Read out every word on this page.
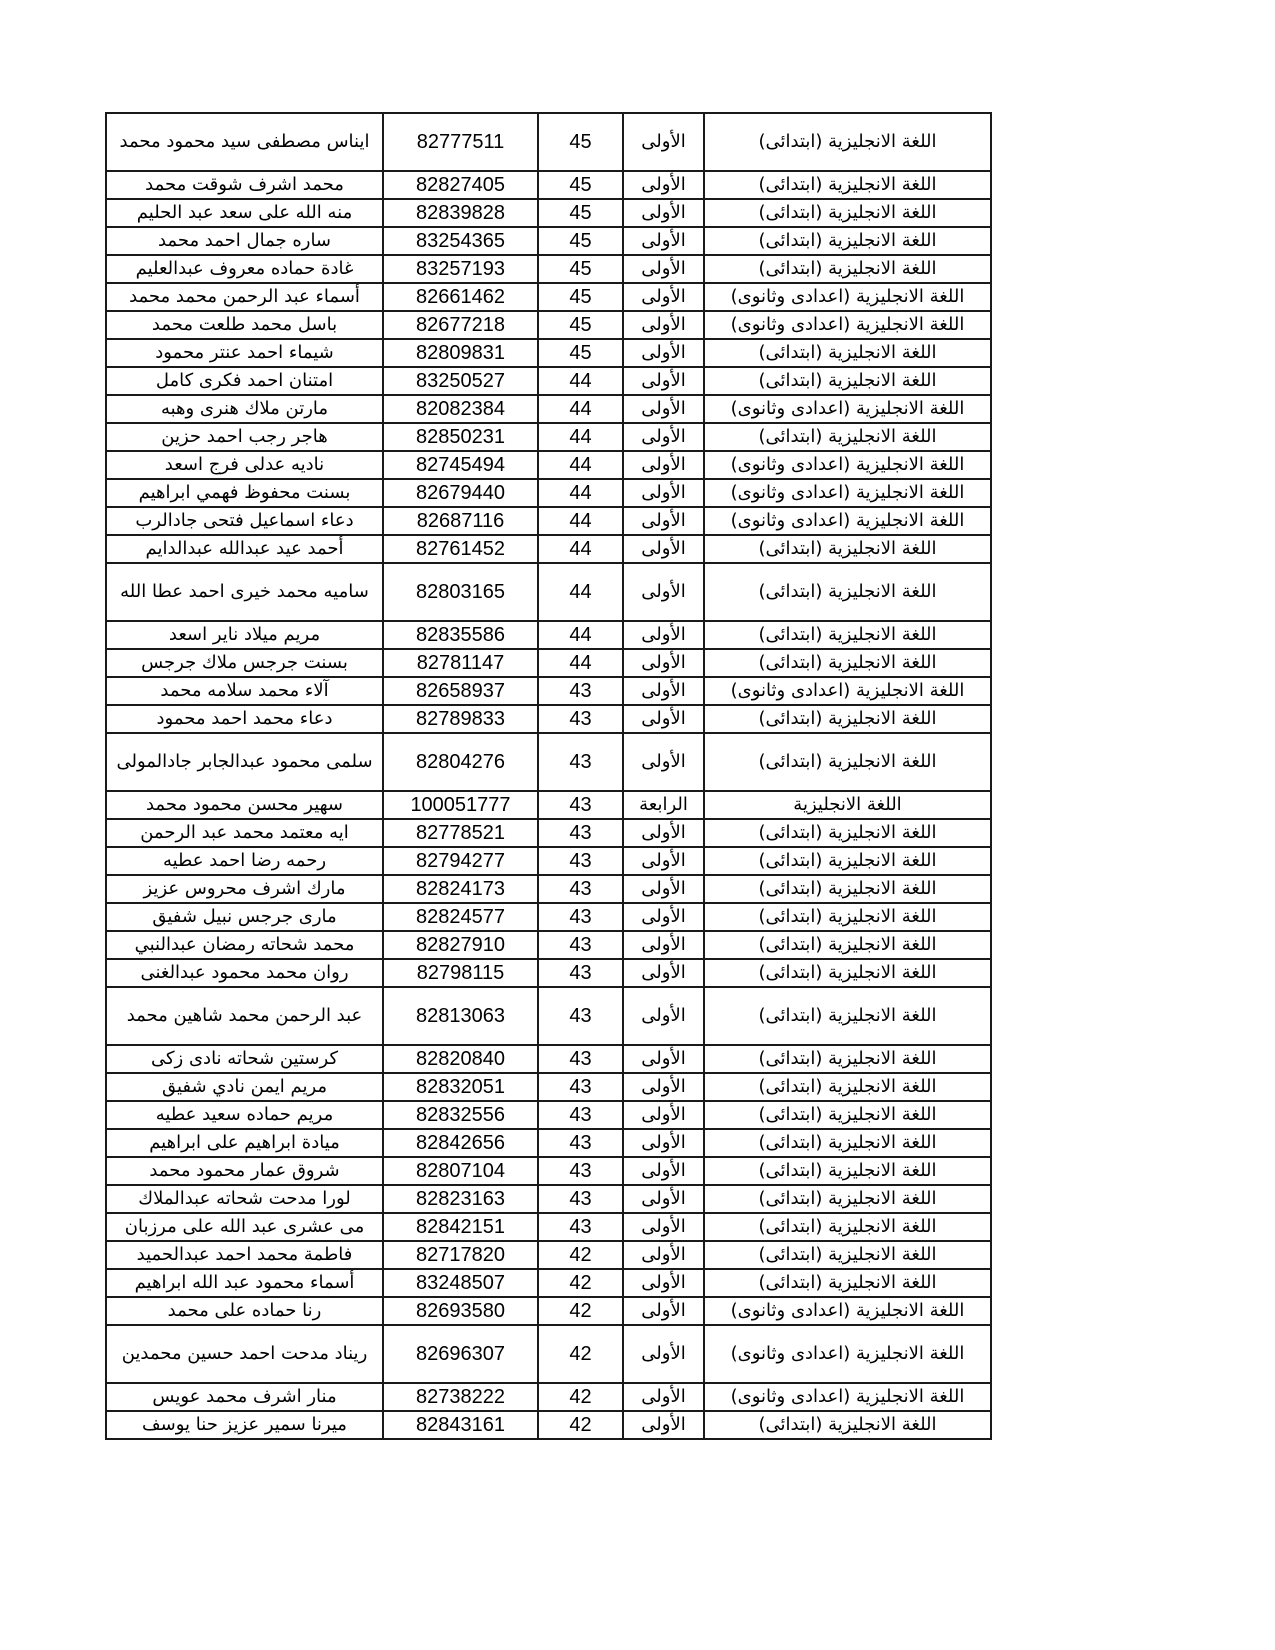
ايناس مصطفى سيد محمود محمد	82777511	45	الأولى	اللغة الانجليزية (ابتدائى)
محمد اشرف شوقت محمد	82827405	45	الأولى	اللغة الانجليزية (ابتدائى)
منه الله على سعد عبد الحليم	82839828	45	الأولى	اللغة الانجليزية (ابتدائى)
ساره جمال احمد محمد	83254365	45	الأولى	اللغة الانجليزية (ابتدائى)
غادة حماده معروف عبدالعليم	83257193	45	الأولى	اللغة الانجليزية (ابتدائى)
أسماء عبد الرحمن محمد محمد	82661462	45	الأولى	اللغة الانجليزية (اعدادى وثانوى)
باسل محمد طلعت محمد	82677218	45	الأولى	اللغة الانجليزية (اعدادى وثانوى)
شيماء احمد عنتر محمود	82809831	45	الأولى	اللغة الانجليزية (ابتدائى)
امتنان احمد فكرى كامل	83250527	44	الأولى	اللغة الانجليزية (ابتدائى)
مارتن ملاك هنرى وهبه	82082384	44	الأولى	اللغة الانجليزية (اعدادى وثانوى)
هاجر رجب احمد حزين	82850231	44	الأولى	اللغة الانجليزية (ابتدائى)
ناديه عدلى فرج اسعد	82745494	44	الأولى	اللغة الانجليزية (اعدادى وثانوى)
بسنت محفوظ فهمي ابراهيم	82679440	44	الأولى	اللغة الانجليزية (اعدادى وثانوى)
دعاء اسماعيل فتحى جادالرب	82687116	44	الأولى	اللغة الانجليزية (اعدادى وثانوى)
أحمد عيد عبدالله عبدالدايم	82761452	44	الأولى	اللغة الانجليزية (ابتدائى)
ساميه محمد خيرى احمد عطا الله	82803165	44	الأولى	اللغة الانجليزية (ابتدائى)
مريم ميلاد ناير اسعد	82835586	44	الأولى	اللغة الانجليزية (ابتدائى)
بسنت جرجس ملاك جرجس	82781147	44	الأولى	اللغة الانجليزية (ابتدائى)
آلاء محمد سلامه محمد	82658937	43	الأولى	اللغة الانجليزية (اعدادى وثانوى)
دعاء محمد احمد محمود	82789833	43	الأولى	اللغة الانجليزية (ابتدائى)
سلمى محمود عبدالجابر جادالمولى	82804276	43	الأولى	اللغة الانجليزية (ابتدائى)
سهير محسن محمود محمد	100051777	43	الرابعة	اللغة الانجليزية
ايه معتمد محمد عبد الرحمن	82778521	43	الأولى	اللغة الانجليزية (ابتدائى)
رحمه رضا احمد عطيه	82794277	43	الأولى	اللغة الانجليزية (ابتدائى)
مارك اشرف محروس عزيز	82824173	43	الأولى	اللغة الانجليزية (ابتدائى)
مارى جرجس نبيل شفيق	82824577	43	الأولى	اللغة الانجليزية (ابتدائى)
محمد شحاته رمضان عبدالنبي	82827910	43	الأولى	اللغة الانجليزية (ابتدائى)
روان محمد محمود عبدالغنى	82798115	43	الأولى	اللغة الانجليزية (ابتدائى)
عبد الرحمن محمد شاهين محمد	82813063	43	الأولى	اللغة الانجليزية (ابتدائى)
كرستين شحاته نادى زكى	82820840	43	الأولى	اللغة الانجليزية (ابتدائى)
مريم ايمن نادي شفيق	82832051	43	الأولى	اللغة الانجليزية (ابتدائى)
مريم حماده سعيد عطيه	82832556	43	الأولى	اللغة الانجليزية (ابتدائى)
ميادة ابراهيم على ابراهيم	82842656	43	الأولى	اللغة الانجليزية (ابتدائى)
شروق عمار محمود محمد	82807104	43	الأولى	اللغة الانجليزية (ابتدائى)
لورا مدحت شحاته عبدالملاك	82823163	43	الأولى	اللغة الانجليزية (ابتدائى)
مى عشرى عبد الله على مرزبان	82842151	43	الأولى	اللغة الانجليزية (ابتدائى)
فاطمة محمد احمد عبدالحميد	82717820	42	الأولى	اللغة الانجليزية (ابتدائى)
أسماء محمود عبد الله ابراهيم	83248507	42	الأولى	اللغة الانجليزية (ابتدائى)
رنا حماده على محمد	82693580	42	الأولى	اللغة الانجليزية (اعدادى وثانوى)
ريناد مدحت احمد حسين محمدين	82696307	42	الأولى	اللغة الانجليزية (اعدادى وثانوى)
منار اشرف محمد عويس	82738222	42	الأولى	اللغة الانجليزية (اعدادى وثانوى)
ميرنا سمير عزيز حنا يوسف	82843161	42	الأولى	اللغة الانجليزية (ابتدائى)
